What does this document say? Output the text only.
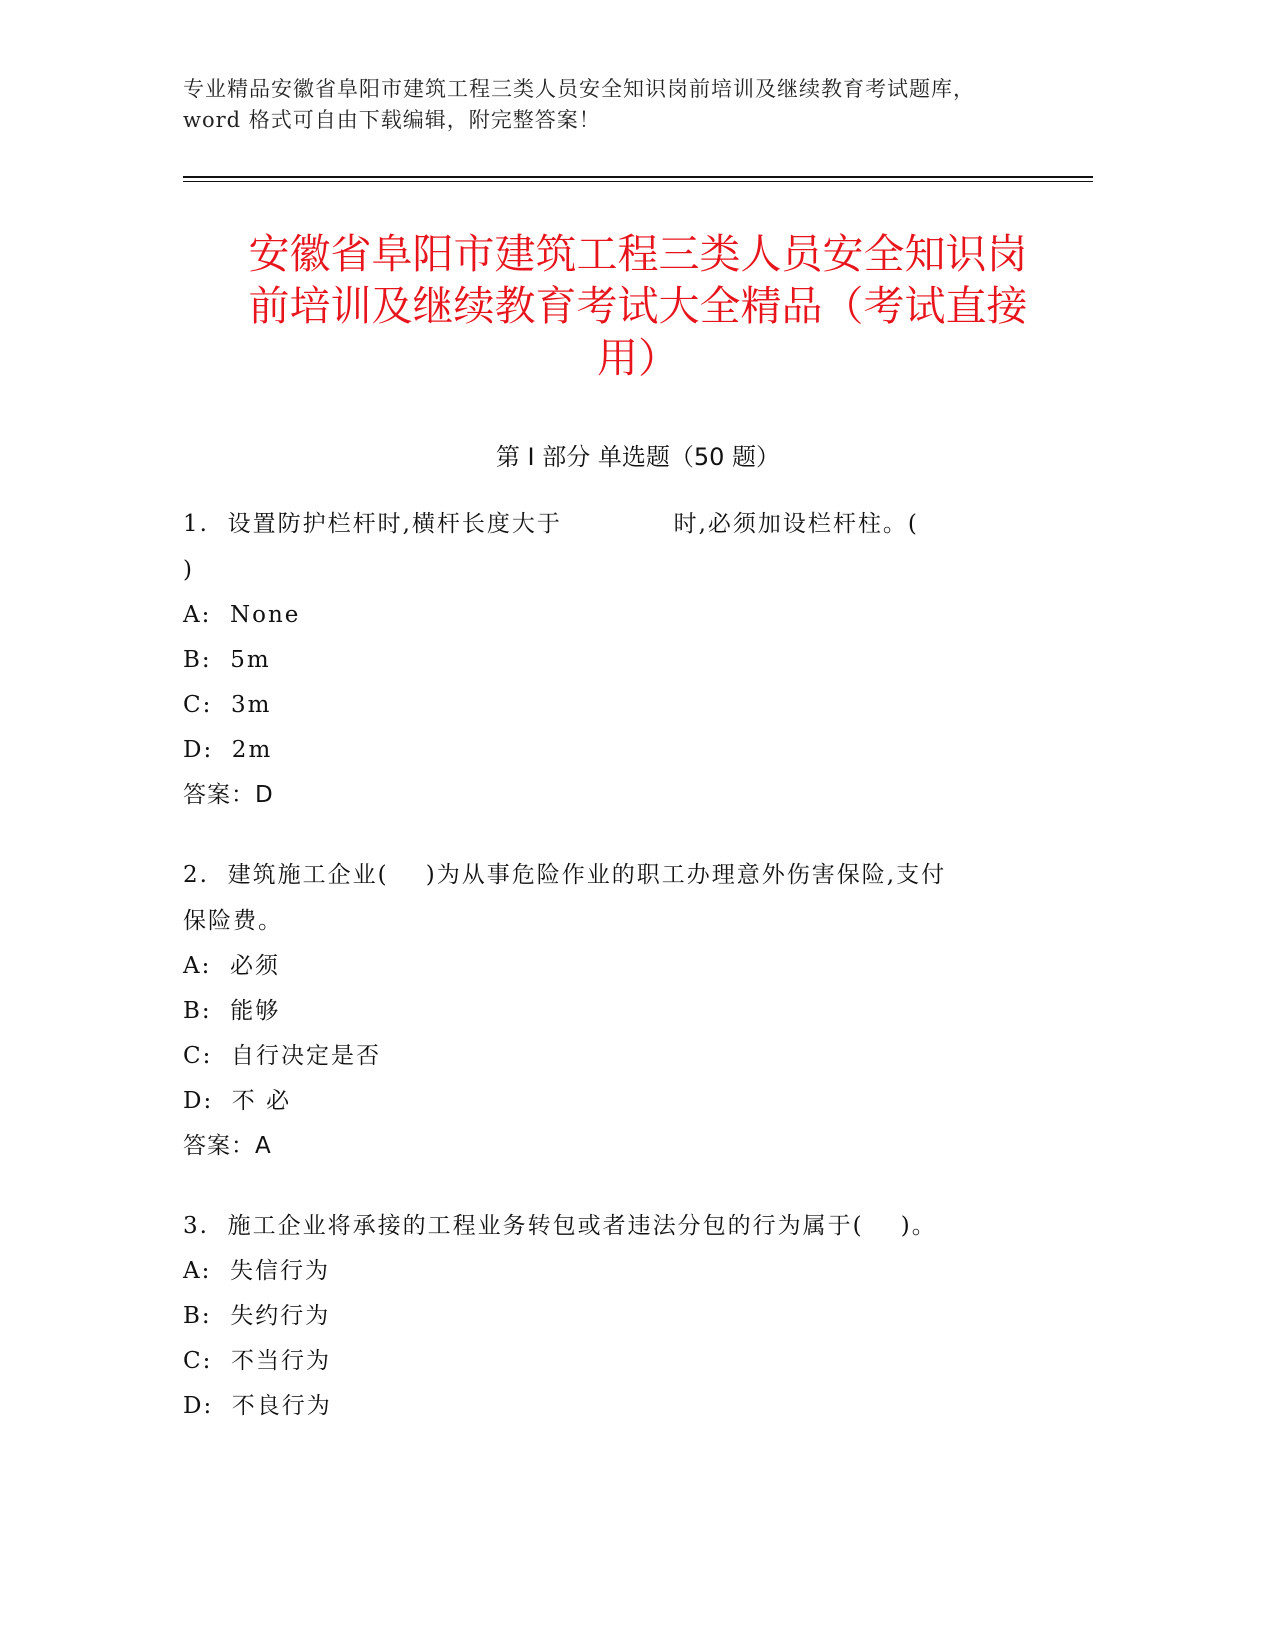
专业精品安徽省阜阳市建筑工程三类人员安全知识岗前培训及继续教育考试题库，
word 格式可自由下载编辑，附完整答案！
安徽省阜阳市建筑工程三类人员安全知识岗
前培训及继续教育考试大全精品（考试直接
用）
第 I 部分 单选题（50 题）
1.  设置防护栏杆时,横杆长度大于            时,必须加设栏杆柱。(
)
A:  None
B:  5m
C:  3m
D:  2m
答案：D
2.  建筑施工企业(    )为从事危险作业的职工办理意外伤害保险,支付
保险费。
A:  必须
B:  能够
C:  自行决定是否
D:  不 必
答案：A
3.  施工企业将承接的工程业务转包或者违法分包的行为属于(    )。
A:  失信行为
B:  失约行为
C:  不当行为
D:  不良行为
